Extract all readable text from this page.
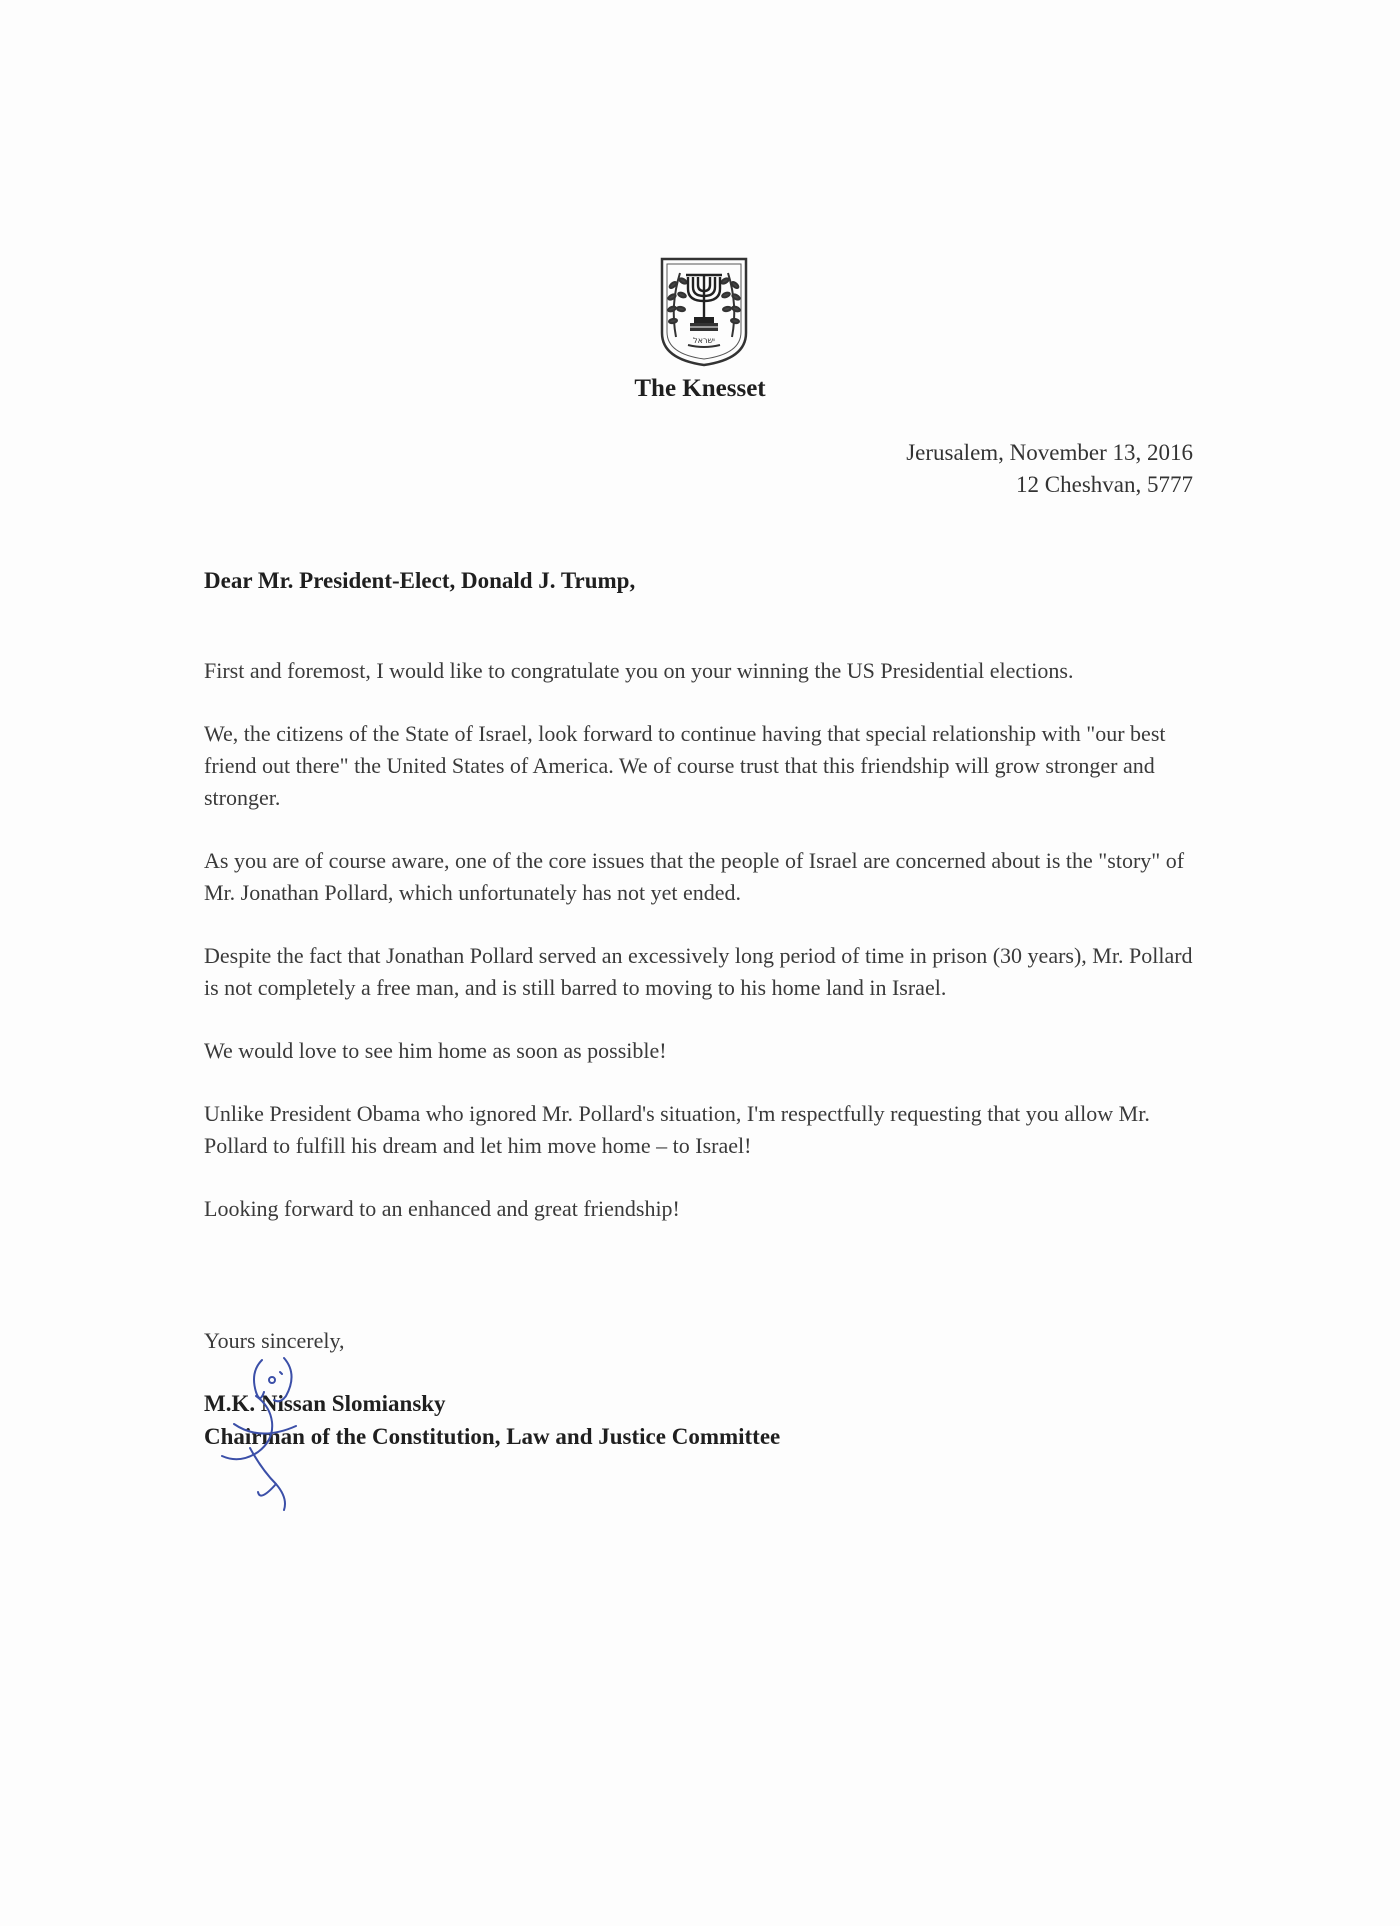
ישראל
The Knesset
Jerusalem, November 13, 2016
12 Cheshvan, 5777
Dear Mr. President-Elect, Donald J. Trump,

First and foremost, I would like to congratulate you on your winning the US Presidential elections.

We, the citizens of the State of Israel, look forward to continue having that special relationship with "our best friend out there" the United States of America. We of course trust that this friendship will grow stronger and stronger.

As you are of course aware, one of the core issues that the people of Israel are concerned about is the "story" of Mr. Jonathan Pollard, which unfortunately has not yet ended.

Despite the fact that Jonathan Pollard served an excessively long period of time in prison (30 years), Mr. Pollard is not completely a free man, and is still barred to moving to his home land in Israel.

We would love to see him home as soon as possible!

Unlike President Obama who ignored Mr. Pollard's situation, I'm respectfully requesting that you allow Mr. Pollard to fulfill his dream and let him move home – to Israel!

Looking forward to an enhanced and great friendship!

Yours sincerely,
M.K. Nissan Slomiansky
Chairman of the Constitution, Law and Justice Committee
